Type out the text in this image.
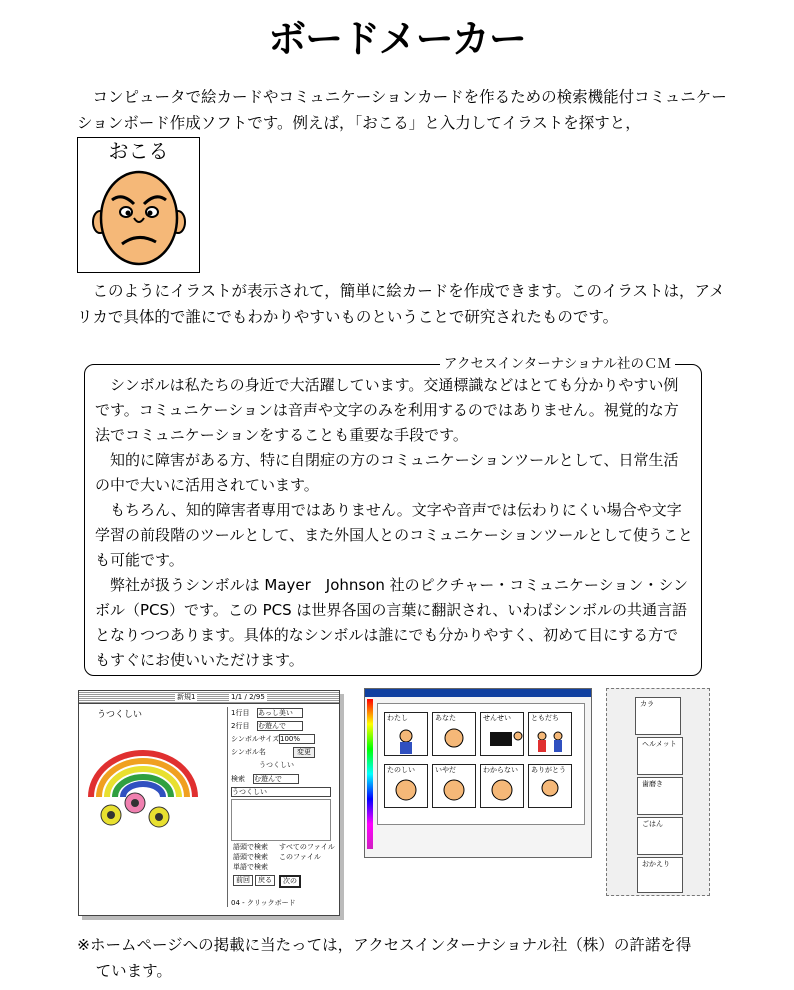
ボードメーカー

コンピュータで絵カードやコミュニケーションカードを作るための検索機能付コミュニケーションボード作成ソフトです。例えば，「おこる」と入力してイラストを探すと，

おこる

このようにイラストが表示されて，簡単に絵カードを作成できます。このイラストは，アメリカで具体的で誰にでもわかりやすいものということで研究されたものです。

アクセスインターナショナル社のＣＭ

シンボルは私たちの身近で大活躍しています。交通標識などはとても分かりやすい例です。コミュニケーションは音声や文字のみを利用するのではありません。視覚的な方法でコミュニケーションをすることも重要な手段です。

知的に障害がある方、特に自閉症の方のコミュニケーションツールとして、日常生活の中で大いに活用されています。

もちろん、知的障害者専用ではありません。文字や音声では伝わりにくい場合や文字学習の前段階のツールとして、また外国人とのコミュニケーションツールとして使うことも可能です。

弊社が扱うシンボルは Mayer　Johnson 社のピクチャー・コミュニケーション・シンボル（PCS）です。この PCS は世界各国の言葉に翻訳され、いわばシンボルの共通言語となりつつあります。具体的なシンボルは誰にでも分かりやすく、初めて目にする方でもすぐにお使いいただけます。

新規1	1/1 / 2/95
うつくしい	1行目 あっし美い
2行目 む遊んで
シンボルサイズ 100%
シンボル名	変更
うつくしい
検索 む遊んで
うつくしい
語頭で検索 すべてのファイル
語頭で検索 このファイル
単語で検索
前回	戻る	次の
04 - クリックボード
わたし	あなた	せんせい	ともだち
たのしい	いやだ	わからない ありがとう
カラ
ヘルメット
歯磨き
ごはん
おかえり

※ホームページへの掲載に当たっては，アクセスインターナショナル社（株）の許諾を得
ています。
